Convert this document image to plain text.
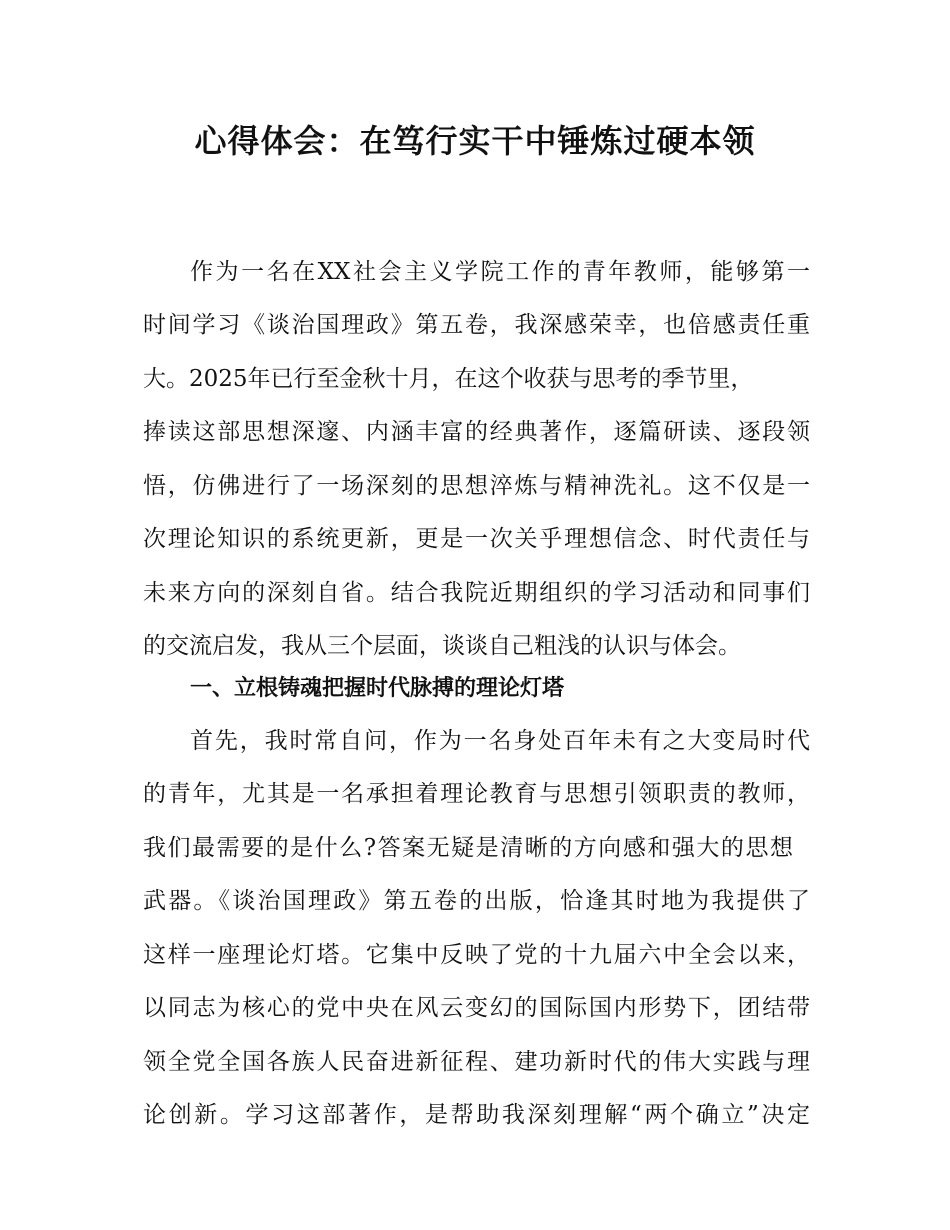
心得体会：在笃行实干中锤炼过硬本领
作为一名在XX社会主义学院工作的青年教师，能够第一
时间学习《谈治国理政》第五卷，我深感荣幸，也倍感责任重
大。2025年已行至金秋十月，在这个收获与思考的季节里，
捧读这部思想深邃、内涵丰富的经典著作，逐篇研读、逐段领
悟，仿佛进行了一场深刻的思想淬炼与精神洗礼。这不仅是一
次理论知识的系统更新，更是一次关乎理想信念、时代责任与
未来方向的深刻自省。结合我院近期组织的学习活动和同事们
的交流启发，我从三个层面，谈谈自己粗浅的认识与体会。
一、立根铸魂把握时代脉搏的理论灯塔
首先，我时常自问，作为一名身处百年未有之大变局时代
的青年，尤其是一名承担着理论教育与思想引领职责的教师，
我们最需要的是什么?答案无疑是清晰的方向感和强大的思想
武器。《谈治国理政》第五卷的出版，恰逢其时地为我提供了
这样一座理论灯塔。它集中反映了党的十九届六中全会以来，
以同志为核心的党中央在风云变幻的国际国内形势下，团结带
领全党全国各族人民奋进新征程、建功新时代的伟大实践与理
论创新。学习这部著作，是帮助我深刻理解“两个确立”决定
